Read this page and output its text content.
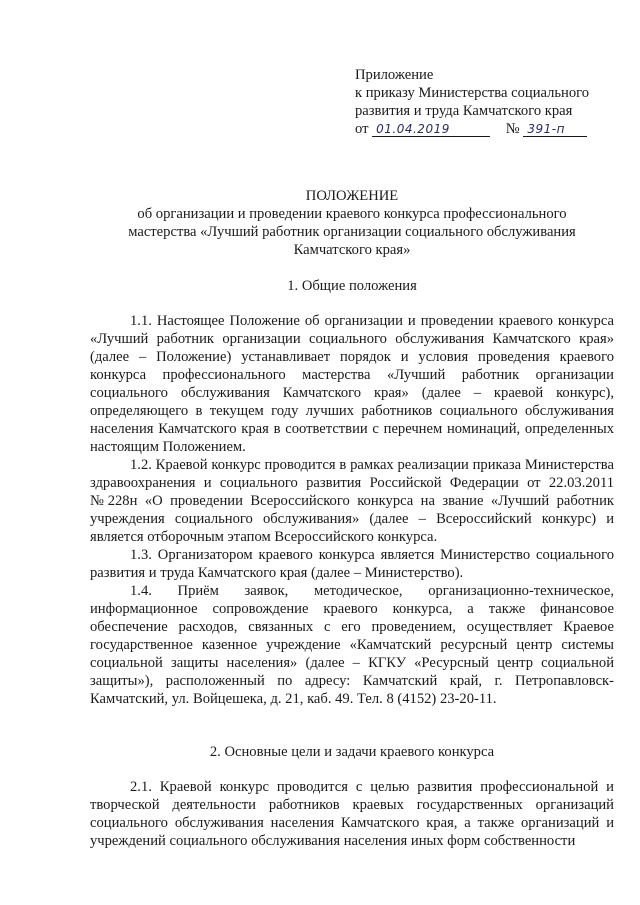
Приложение
к приказу Министерства социального
развития и труда Камчатского края
от 01.04.2019	№ 391-п
ПОЛОЖЕНИЕ
об организации и проведении краевого конкурса профессионального
мастерства «Лучший работник организации социального обслуживания
Камчатского края»
1. Общие положения

1.1. Настоящее Положение об организации и проведении краевого конкурса «Лучший работник организации социального обслуживания Камчатского края» (далее – Положение) устанавливает порядок и условия проведения краевого конкурса профессионального мастерства «Лучший работник организации социального обслуживания Камчатского края» (далее – краевой конкурс), определяющего в текущем году лучших работников социального обслуживания населения Камчатского края в соответствии с перечнем номинаций, определенных настоящим Положением.

1.2. Краевой конкурс проводится в рамках реализации приказа Министерства здравоохранения и социального развития Российской Федерации от 22.03.2011 №228н «О проведении Всероссийского конкурса на звание «Лучший работник учреждения социального обслуживания» (далее – Всероссийский конкурс) и является отборочным этапом Всероссийского конкурса.

1.3. Организатором краевого конкурса является Министерство социального развития и труда Камчатского края (далее – Министерство).

1.4. Приём заявок, методическое, организационно-техническое, информационное сопровождение краевого конкурса, а также финансовое обеспечение расходов, связанных с его проведением, осуществляет Краевое государственное казенное учреждение «Камчатский ресурсный центр системы социальной защиты населения» (далее – КГКУ «Ресурсный центр социальной защиты»), расположенный по адресу: Камчатский край, г. Петропавловск-Камчатский, ул. Войцешека, д. 21, каб. 49. Тел. 8 (4152) 23-20-11.

2. Основные цели и задачи краевого конкурса

2.1. Краевой конкурс проводится с целью развития профессиональной и творческой деятельности работников краевых государственных организаций социального обслуживания населения Камчатского края, а также организаций и учреждений социального обслуживания населения иных форм собственности
